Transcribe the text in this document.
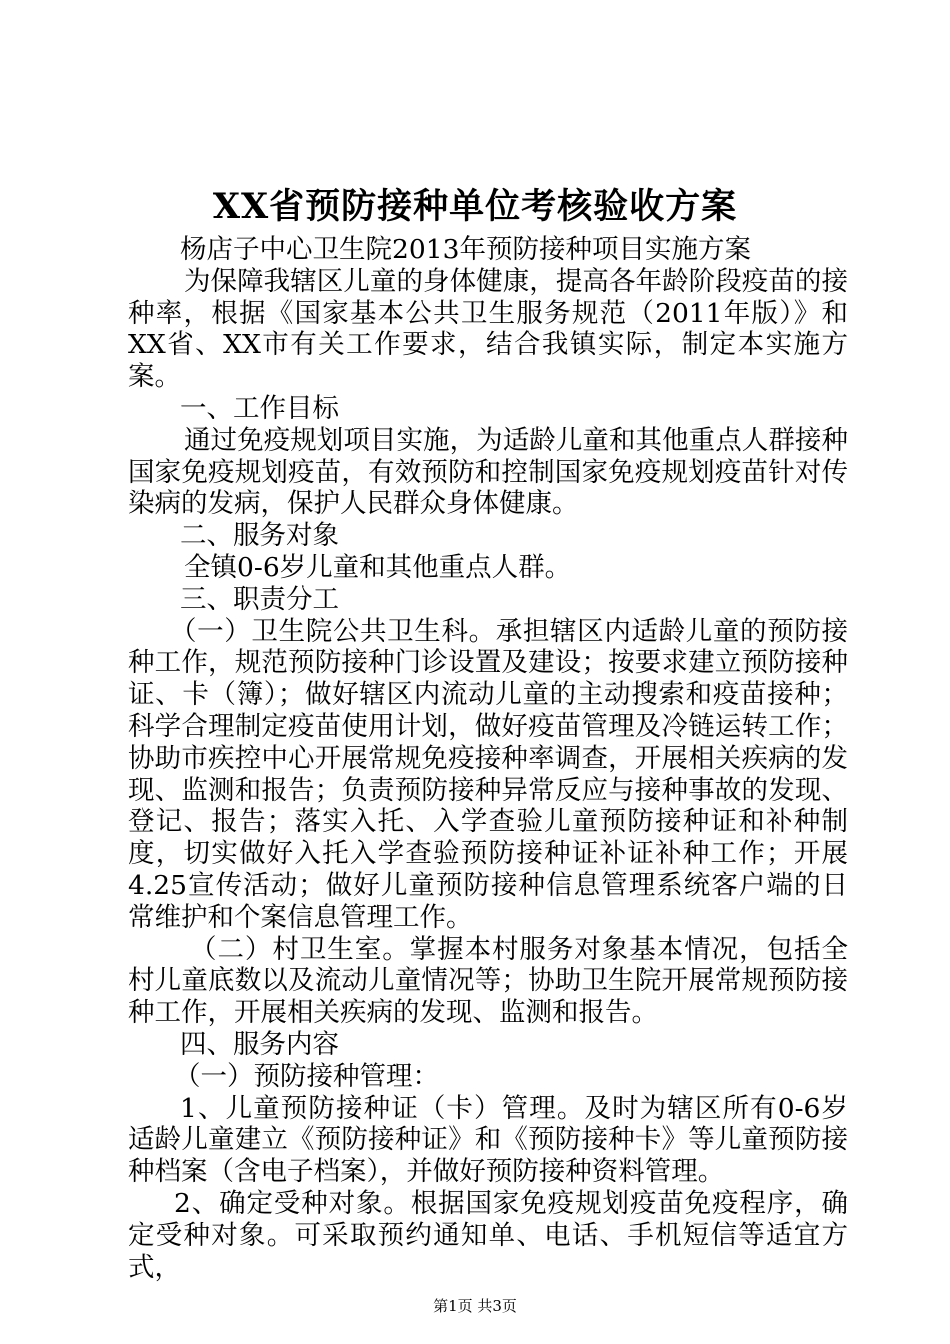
XX省预防接种单位考核验收方案

杨店子中心卫生院2013年预防接种项目实施方案

为保障我辖区儿童的身体健康，提高各年龄阶段疫苗的接种率，根据《国家基本公共卫生服务规范（2011年版）》和XX省、XX市有关工作要求，结合我镇实际，制定本实施方案。

一、工作目标

通过免疫规划项目实施，为适龄儿童和其他重点人群接种国家免疫规划疫苗，有效预防和控制国家免疫规划疫苗针对传染病的发病，保护人民群众身体健康。

二、服务对象

全镇0-6岁儿童和其他重点人群。

三、职责分工

（一）卫生院公共卫生科。承担辖区内适龄儿童的预防接种工作，规范预防接种门诊设置及建设；按要求建立预防接种证、卡（簿）；做好辖区内流动儿童的主动搜索和疫苗接种；科学合理制定疫苗使用计划，做好疫苗管理及冷链运转工作；协助市疾控中心开展常规免疫接种率调查，开展相关疾病的发现、监测和报告；负责预防接种异常反应与接种事故的发现、登记、报告；落实入托、入学查验儿童预防接种证和补种制度，切实做好入托入学查验预防接种证补证补种工作；开展4.25宣传活动；做好儿童预防接种信息管理系统客户端的日常维护和个案信息管理工作。

（二）村卫生室。掌握本村服务对象基本情况，包括全村儿童底数以及流动儿童情况等；协助卫生院开展常规预防接种工作，开展相关疾病的发现、监测和报告。

四、服务内容

（一）预防接种管理：

1、儿童预防接种证（卡）管理。及时为辖区所有0-6岁适龄儿童建立《预防接种证》和《预防接种卡》等儿童预防接种档案（含电子档案），并做好预防接种资料管理。

2、确定受种对象。根据国家免疫规划疫苗免疫程序，确定受种对象。可采取预约通知单、电话、手机短信等适宜方式，

第1页 共3页
